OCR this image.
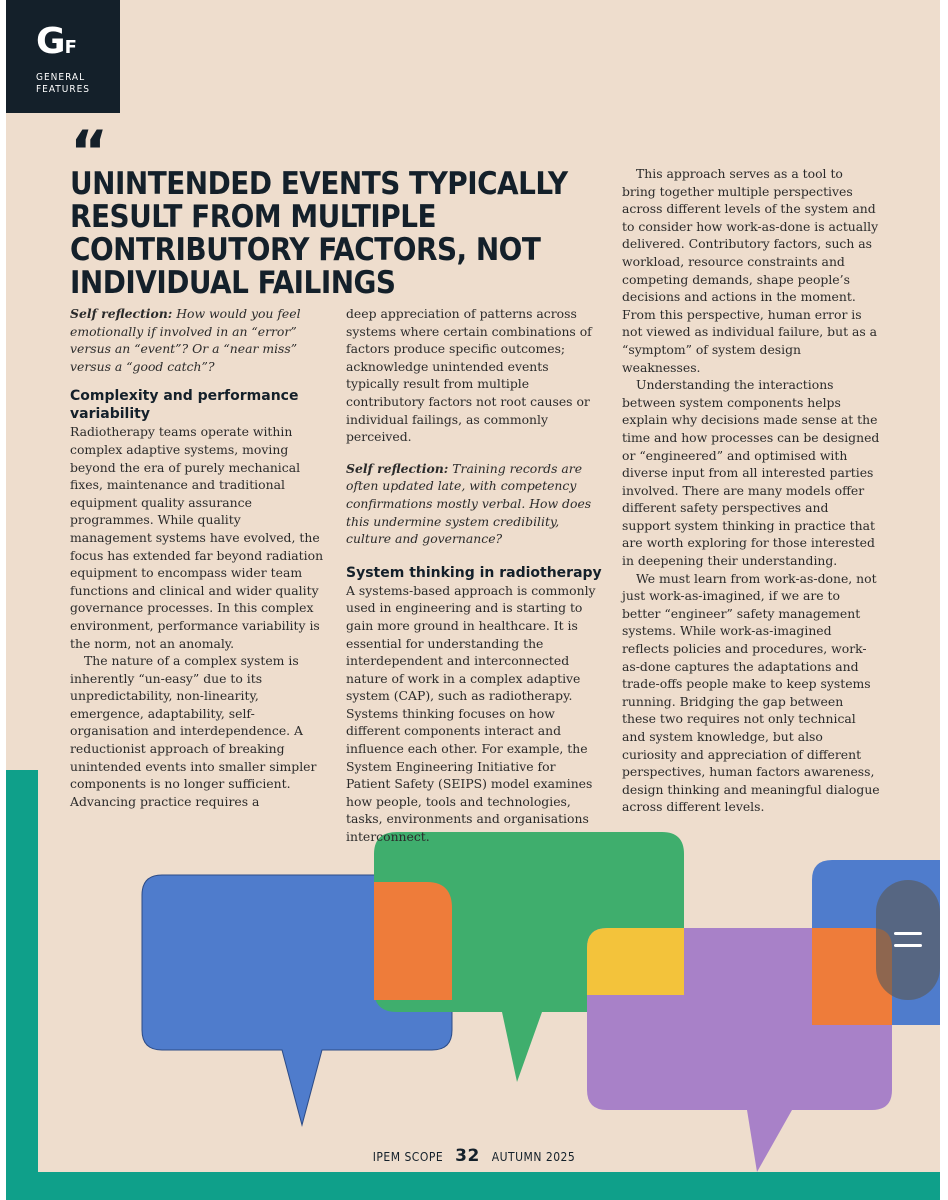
GF
GENERAL
FEATURES
“
UNINTENDED EVENTS TYPICALLY RESULT FROM MULTIPLE CONTRIBUTORY FACTORS, NOT INDIVIDUAL FAILINGS

Self reflection: How would you feel emotionally if involved in an “error” versus an “event”? Or a “near miss” versus a “good catch”?

Complexity and performance variability

Radiotherapy teams operate within complex adaptive systems, moving beyond the era of purely mechanical fixes, maintenance and traditional equipment quality assurance programmes. While quality management systems have evolved, the focus has extended far beyond radiation equipment to encompass wider team functions and clinical and wider quality governance processes. In this complex environment, performance variability is the norm, not an anomaly.

The nature of a complex system is inherently “un-easy” due to its unpredictability, non-linearity, emergence, adaptability, self-organisation and interdependence. A reductionist approach of breaking unintended events into smaller simpler components is no longer sufficient. Advancing practice requires a

deep appreciation of patterns across systems where certain combinations of factors produce specific outcomes; acknowledge unintended events typically result from multiple contributory factors not root causes or individual failings, as commonly perceived.

Self reflection: Training records are often updated late, with competency confirmations mostly verbal. How does this undermine system credibility, culture and governance?

System thinking in radiotherapy

A systems-based approach is commonly used in engineering and is starting to gain more ground in healthcare. It is essential for understanding the interdependent and interconnected nature of work in a complex adaptive system (CAP), such as radiotherapy. Systems thinking focuses on how different components interact and influence each other. For example, the System Engineering Initiative for Patient Safety (SEIPS) model examines how people, tools and technologies, tasks, environments and organisations interconnect.

This approach serves as a tool to bring together multiple perspectives across different levels of the system and to consider how work-as-done is actually delivered. Contributory factors, such as workload, resource constraints and competing demands, shape people’s decisions and actions in the moment. From this perspective, human error is not viewed as individual failure, but as a “symptom” of system design weaknesses.

Understanding the interactions between system components helps explain why decisions made sense at the time and how processes can be designed or “engineered” and optimised with diverse input from all interested parties involved. There are many models offer different safety perspectives and support system thinking in practice that are worth exploring for those interested in deepening their understanding.

We must learn from work-as-done, not just work-as-imagined, if we are to better “engineer” safety management systems. While work-as-imagined reflects policies and procedures, work-as-done captures the adaptations and trade-offs people make to keep systems running. Bridging the gap between these two requires not only technical and system knowledge, but also curiosity and appreciation of different perspectives, human factors awareness, design thinking and meaningful dialogue across different levels.

IPEM SCOPE 32 AUTUMN 2025
